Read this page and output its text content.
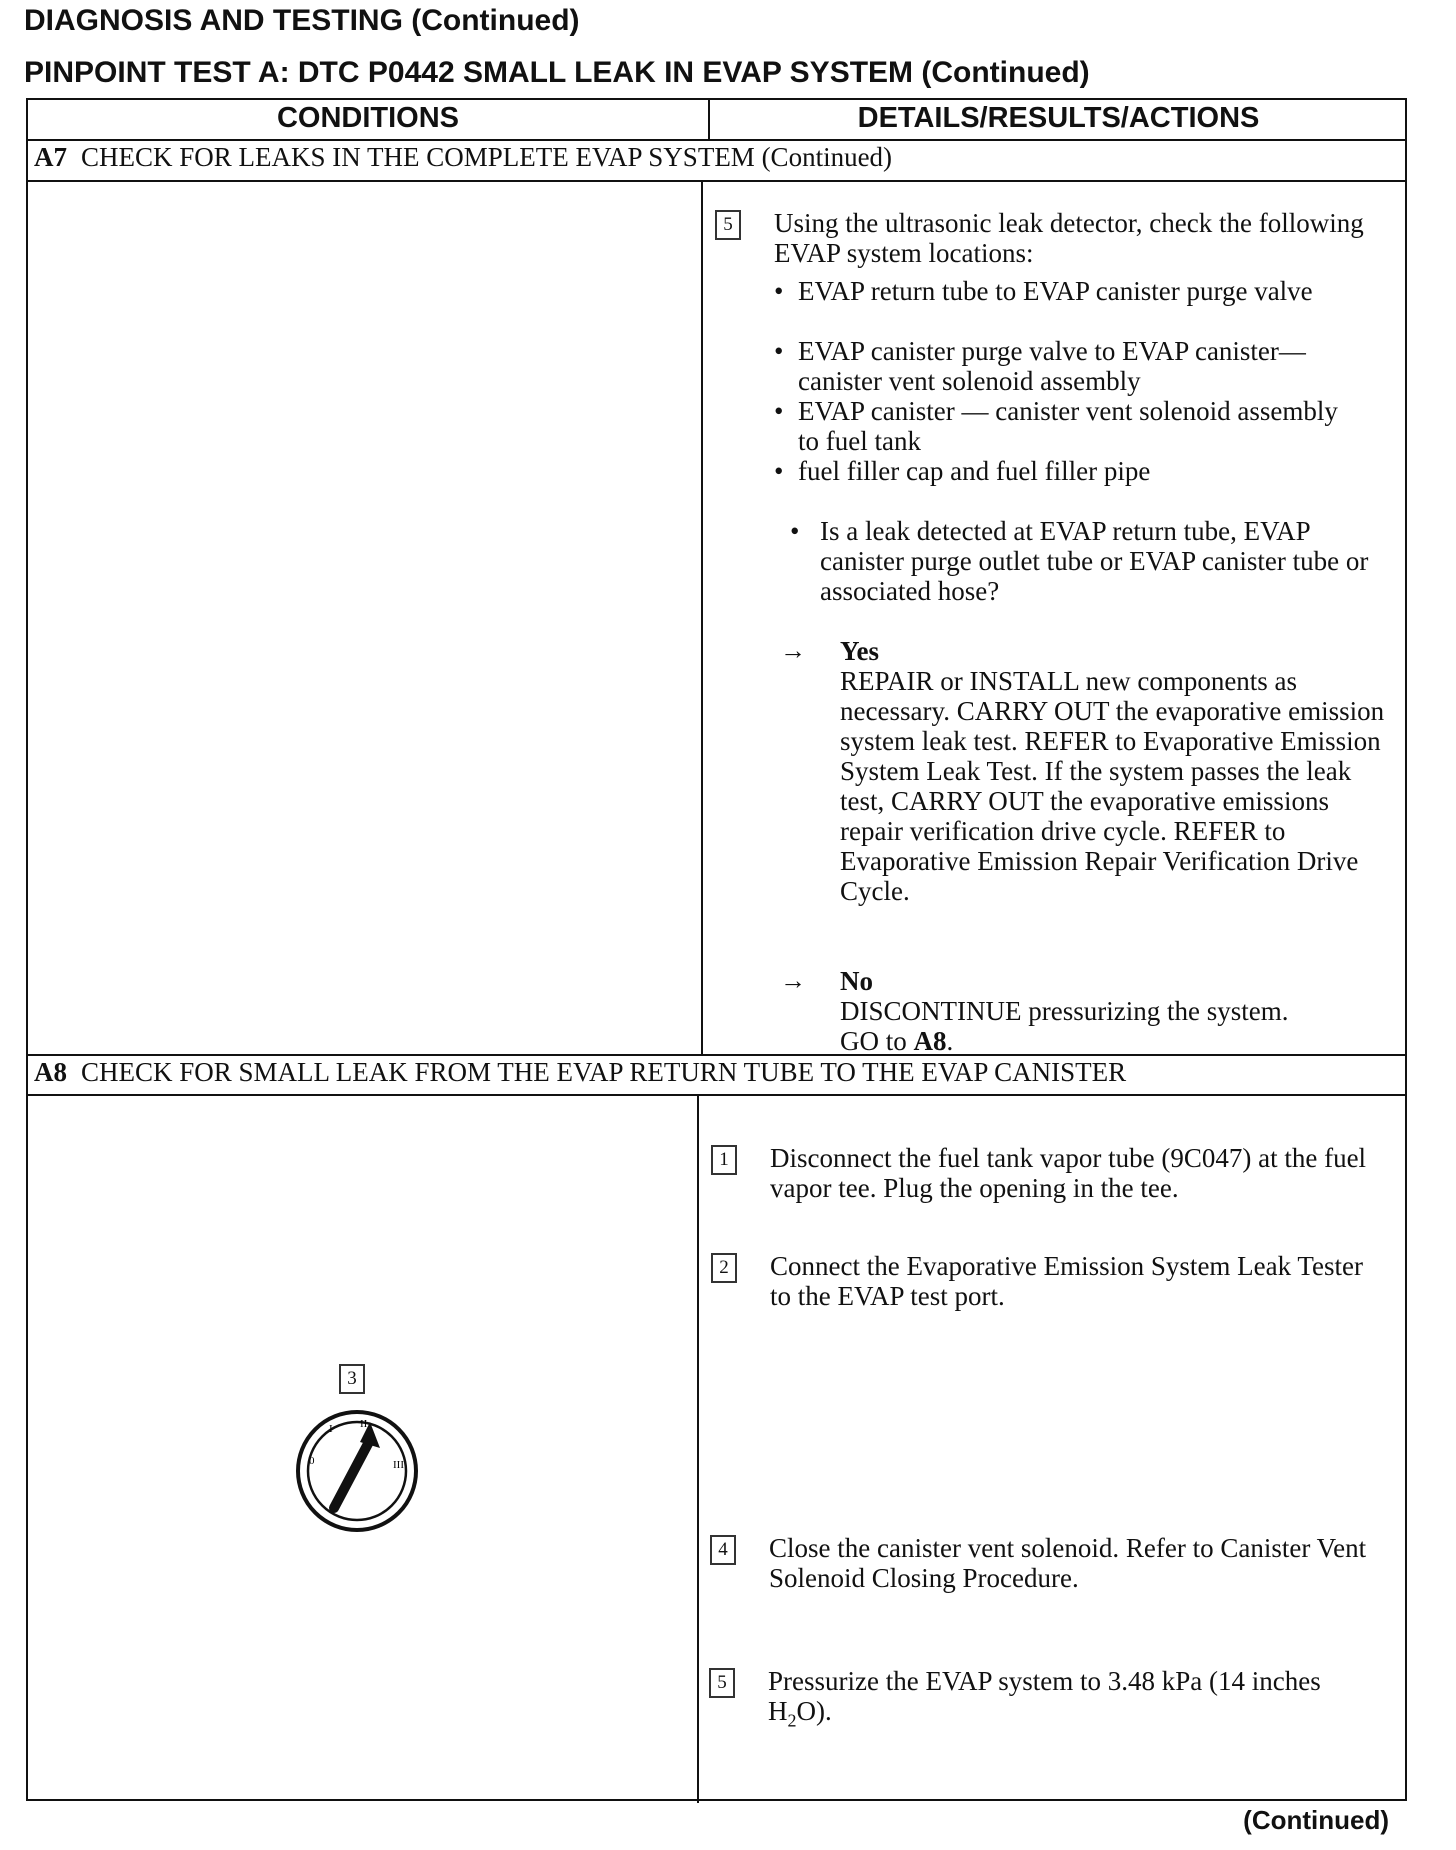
DIAGNOSIS AND TESTING (Continued)
PINPOINT TEST A: DTC P0442 SMALL LEAK IN EVAP SYSTEM (Continued)
CONDITIONS	DETAILS/RESULTS/ACTIONS
A7 CHECK FOR LEAKS IN THE COMPLETE EVAP SYSTEM (Continued)
5	Using the ultrasonic leak detector, check the following EVAP system locations:
• EVAP return tube to EVAP canister purge valve
• EVAP canister purge valve to EVAP canister— canister vent solenoid assembly
• EVAP canister — canister vent solenoid assembly to fuel tank
• fuel filler cap and fuel filler pipe
• Is a leak detected at EVAP return tube, EVAP canister purge outlet tube or EVAP canister tube or associated hose?
→ Yes
REPAIR or INSTALL new components as necessary. CARRY OUT the evaporative emission system leak test. REFER to Evaporative Emission System Leak Test. If the system passes the leak test, CARRY OUT the evaporative emissions repair verification drive cycle. REFER to Evaporative Emission Repair Verification Drive Cycle.
→ No
DISCONTINUE pressurizing the system.
GO to A8.
A8 CHECK FOR SMALL LEAK FROM THE EVAP RETURN TUBE TO THE EVAP CANISTER
1	Disconnect the fuel tank vapor tube (9C047) at the fuel vapor tee. Plug the opening in the tee.
2	Connect the Evaporative Emission System Leak Tester to the EVAP test port.
4	Close the canister vent solenoid. Refer to Canister Vent Solenoid Closing Procedure.
5	Pressurize the EVAP system to 3.48 kPa (14 inches $H_2O$).
3
0
I II
III
(Continued)
